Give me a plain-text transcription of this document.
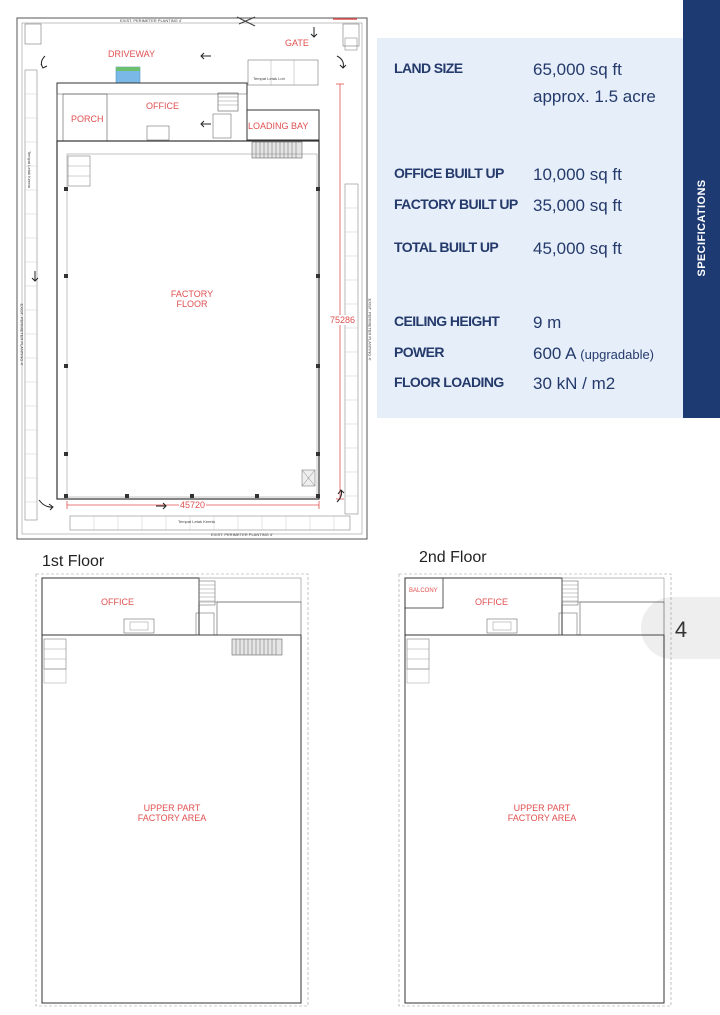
DRIVEWAY
GATE
PORCH
OFFICE
LOADING BAY
FACTORY
FLOOR
75286
45720
EXIST. PERIMETER PLANTING 4'
EXIST. PERIMETER PLANTING 4'
EXIST. PERIMETER PLANTING 4'	EXIST. PERIMETER PLANTING 4'
Tempat Letak Lori
Tempat Letak Kereta
Tempat Letak Kereta
LAND SIZE	65,000 sq ft
approx. 1.5 acre
OFFICE BUILT UP 10,000 sq ft
FACTORY BUILT UP 35,000 sq ft
TOTAL BUILT UP 45,000 sq ft
CEILING HEIGHT 9 m
POWER	600 A (upgradable)
FLOOR LOADING 30 kN / m2
SPECIFICATIONS
4
1st Floor
OFFICE
UPPER PART
FACTORY AREA
2nd Floor
BALCONY
OFFICE
UPPER PART
FACTORY AREA
